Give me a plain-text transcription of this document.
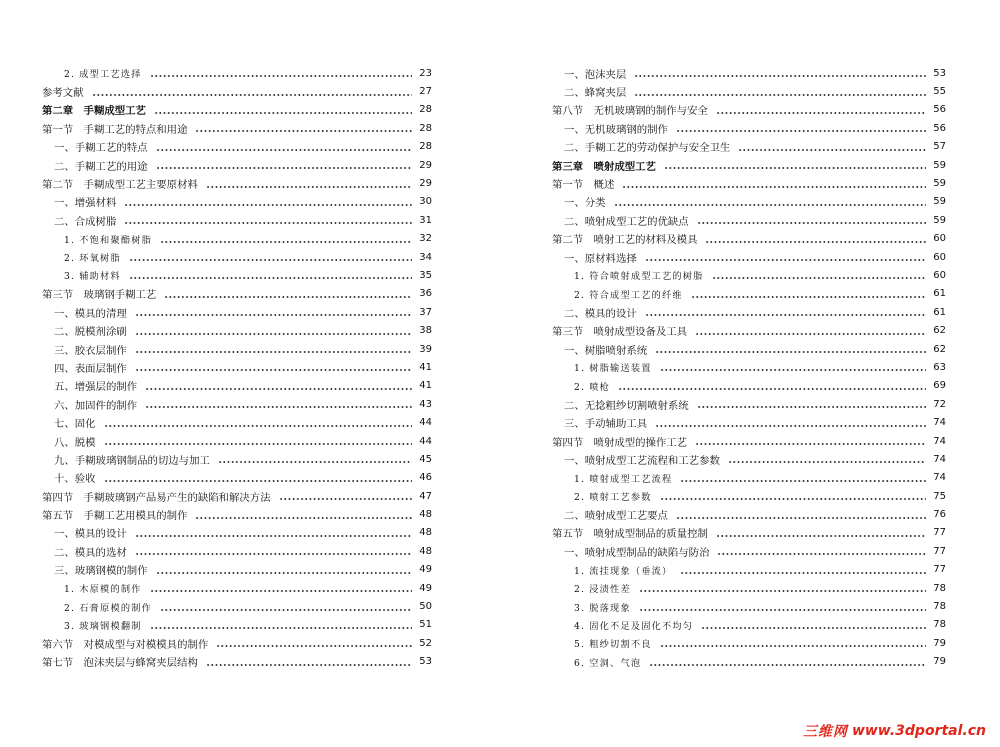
2. 成型工艺选择	23
参考文献	27
第二章　手糊成型工艺	28
第一节　手糊工艺的特点和用途	28
一、手糊工艺的特点	28
二、手糊工艺的用途	29
第二节　手糊成型工艺主要原材料	29
一、增强材料	30
二、合成树脂	31
1. 不饱和聚酯树脂	32
2. 环氧树脂	34
3. 辅助材料	35
第三节　玻璃钢手糊工艺	36
一、模具的清理	37
二、脱模剂涂刷	38
三、胶衣层制作	39
四、表面层制作	41
五、增强层的制作	41
六、加固件的制作	43
七、固化	44
八、脱模	44
九、手糊玻璃钢制品的切边与加工	45
十、验收	46
第四节　手糊玻璃钢产品易产生的缺陷和解决方法	47
第五节　手糊工艺用模具的制作	48
一、模具的设计	48
二、模具的选材	48
三、玻璃钢模的制作	49
1. 木原模的制作	49
2. 石膏原模的制作	50
3. 玻璃钢模翻制	51
第六节　对模成型与对模模具的制作	52
第七节　泡沫夹层与蜂窝夹层结构	53
一、泡沫夹层	53
二、蜂窝夹层	55
第八节　无机玻璃钢的制作与安全	56
一、无机玻璃钢的制作	56
二、手糊工艺的劳动保护与安全卫生	57
第三章　喷射成型工艺	59
第一节　概述	59
一、分类	59
二、喷射成型工艺的优缺点	59
第二节　喷射工艺的材料及模具	60
一、原材料选择	60
1. 符合喷射成型工艺的树脂	60
2. 符合成型工艺的纤维	61
二、模具的设计	61
第三节　喷射成型设备及工具	62
一、树脂喷射系统	62
1. 树脂输送装置	63
2. 喷枪	69
二、无捻粗纱切割喷射系统	72
三、手动辅助工具	74
第四节　喷射成型的操作工艺	74
一、喷射成型工艺流程和工艺参数	74
1. 喷射成型工艺流程	74
2. 喷射工艺参数	75
二、喷射成型工艺要点	76
第五节　喷射成型制品的质量控制	77
一、喷射成型制品的缺陷与防治	77
1. 流挂现象（垂流）	77
2. 浸渍性差	78
3. 脱落现象	78
4. 固化不足及固化不均匀	78
5. 粗纱切割不良	79
6. 空洞、气泡	79
三维网 www.3dportal.cn
